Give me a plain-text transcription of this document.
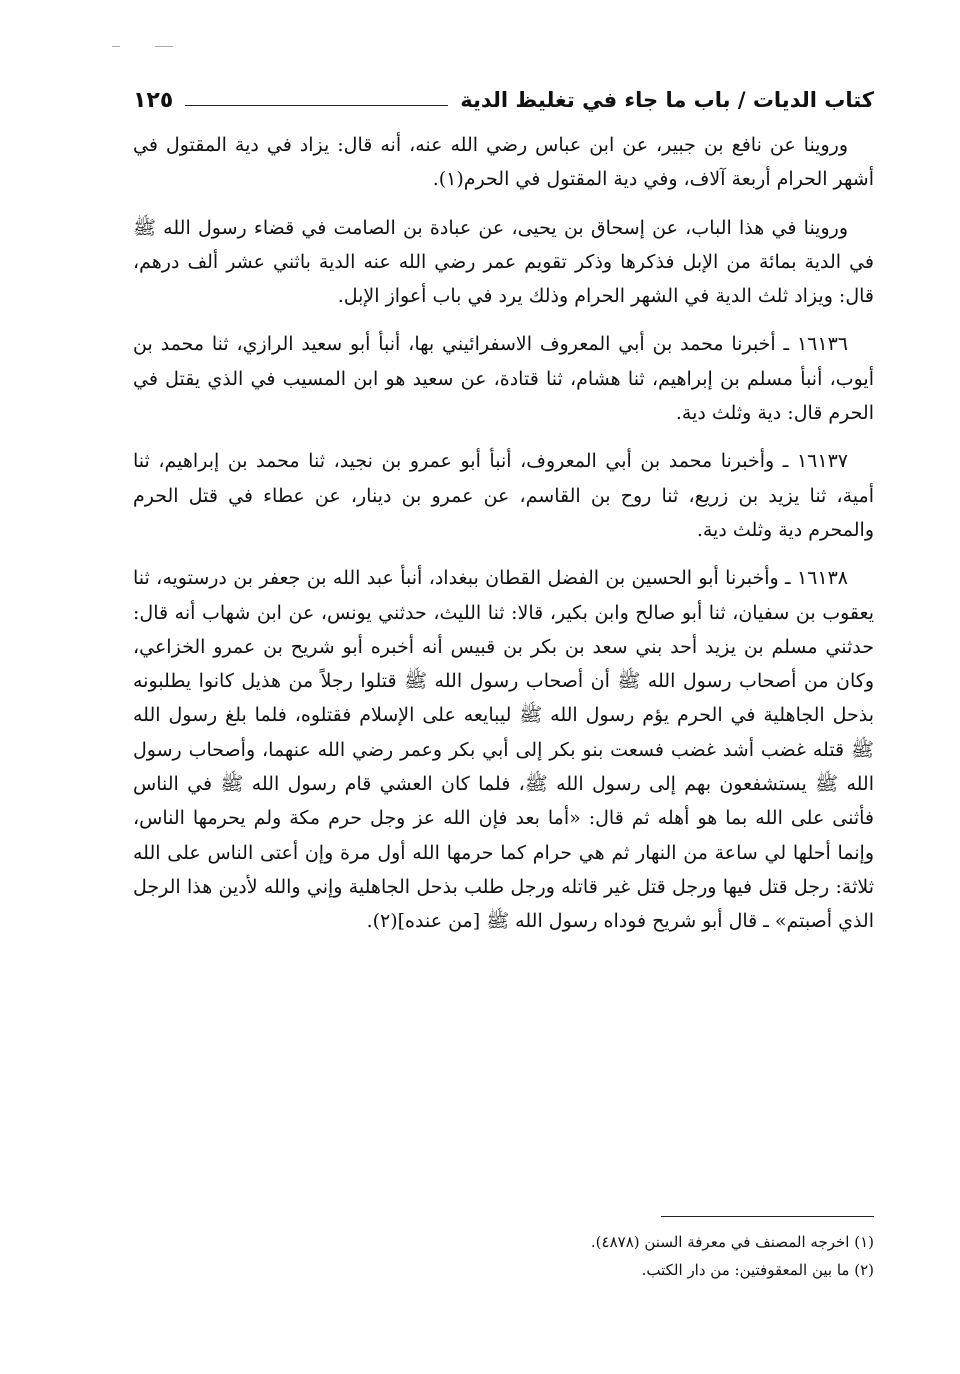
كتاب الديات / باب ما جاء في تغليظ الدية
١٢٥

وروينا عن نافع بن جبير، عن ابن عباس رضي الله عنه، أنه قال: يزاد في دية المقتول في أشهر الحرام أربعة آلاف، وفي دية المقتول في الحرم(١).

وروينا في هذا الباب، عن إسحاق بن يحيى، عن عبادة بن الصامت في قضاء رسول الله ﷺ في الدية بمائة من الإبل فذكرها وذكر تقويم عمر رضي الله عنه الدية باثني عشر ألف درهم، قال: ويزاد ثلث الدية في الشهر الحرام وذلك يرد في باب أعواز الإبل.

١٦١٣٦ ـ أخبرنا محمد بن أبي المعروف الاسفرائيني بها، أنبأ أبو سعيد الرازي، ثنا محمد بن أيوب، أنبأ مسلم بن إبراهيم، ثنا هشام، ثنا قتادة، عن سعيد هو ابن المسيب في الذي يقتل في الحرم قال: دية وثلث دية.

١٦١٣٧ ـ وأخبرنا محمد بن أبي المعروف، أنبأ أبو عمرو بن نجيد، ثنا محمد بن إبراهيم، ثنا أمية، ثنا يزيد بن زريع، ثنا روح بن القاسم، عن عمرو بن دينار، عن عطاء في قتل الحرم والمحرم دية وثلث دية.

١٦١٣٨ ـ وأخبرنا أبو الحسين بن الفضل القطان ببغداد، أنبأ عبد الله بن جعفر بن درستويه، ثنا يعقوب بن سفيان، ثنا أبو صالح وابن بكير، قالا: ثنا الليث، حدثني يونس، عن ابن شهاب أنه قال: حدثني مسلم بن يزيد أحد بني سعد بن بكر بن قبيس أنه أخبره أبو شريح بن عمرو الخزاعي، وكان من أصحاب رسول الله ﷺ أن أصحاب رسول الله ﷺ قتلوا رجلاً من هذيل كانوا يطلبونه بذحل الجاهلية في الحرم يؤم رسول الله ﷺ ليبايعه على الإسلام فقتلوه، فلما بلغ رسول الله ﷺ قتله غضب أشد غضب فسعت بنو بكر إلى أبي بكر وعمر رضي الله عنهما، وأصحاب رسول الله ﷺ يستشفعون بهم إلى رسول الله ﷺ، فلما كان العشي قام رسول الله ﷺ في الناس فأثنى على الله بما هو أهله ثم قال: «أما بعد فإن الله عز وجل حرم مكة ولم يحرمها الناس، وإنما أحلها لي ساعة من النهار ثم هي حرام كما حرمها الله أول مرة وإن أعتى الناس على الله ثلاثة: رجل قتل فيها ورجل قتل غير قاتله ورجل طلب بذحل الجاهلية وإني والله لأدين هذا الرجل الذي أصبتم» ـ قال أبو شريح فوداه رسول الله ﷺ [من عنده](٢).

(١) اخرجه المصنف في معرفة السنن (٤٨٧٨).

(٢) ما بين المعقوفتين: من دار الكتب.
